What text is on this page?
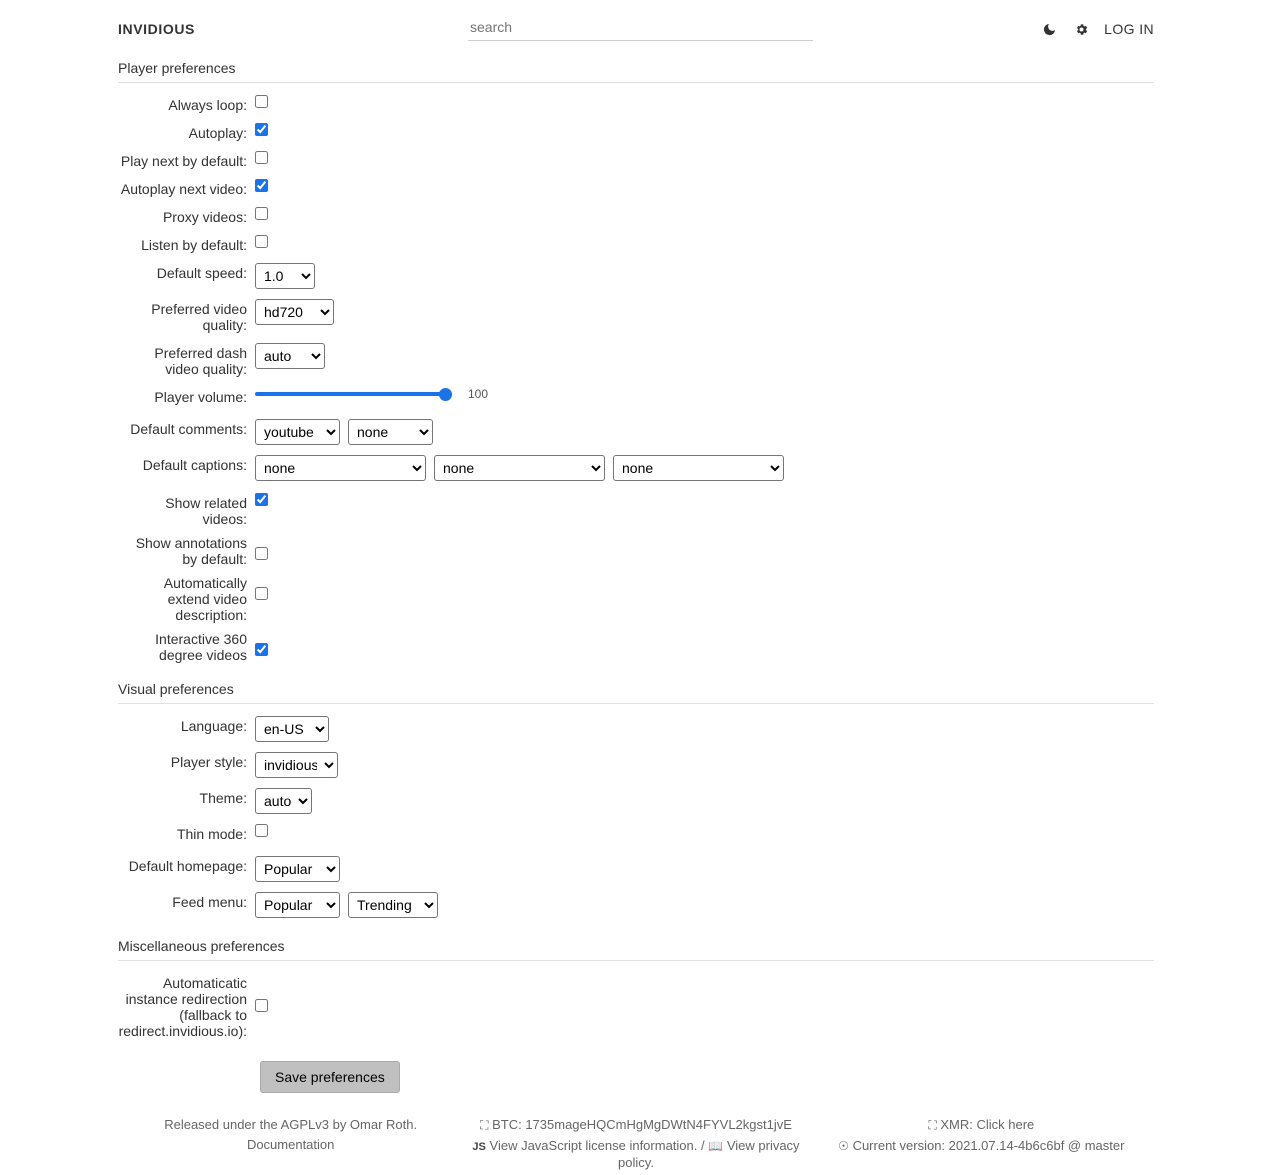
INVIDIOUS
search	LOG IN
Player preferences
Always loop:
Autoplay:
Play next by default:
Autoplay next video:
Proxy videos:
Listen by default:
Default speed:
1.0
Preferred video quality:
hd720
Preferred dash video quality:
auto
Player volume:	100
Default comments:
youtube
none
Default captions:
none
none
none
Show related videos:
Show annotations by default:
Automatically extend video description:
Interactive 360 degree videos
Visual preferences
Language:
en-US
Player style:
invidious
Theme:
auto
Thin mode:
Default homepage:
Popular
Feed menu:
Popular
Trending
Miscellaneous preferences
Automaticatic instance redirection (fallback to redirect.invidious.io):
Save preferences

Released under the AGPLv3 by Omar Roth.

Documentation

⛶ BTC: 1735mageHQCmHgMgDWtN4FYVL2kgst1jvE

JS View JavaScript license information. / 📖 View privacy policy.

⛶ XMR: Click here

☉ Current version: 2021.07.14-4b6c6bf @ master
